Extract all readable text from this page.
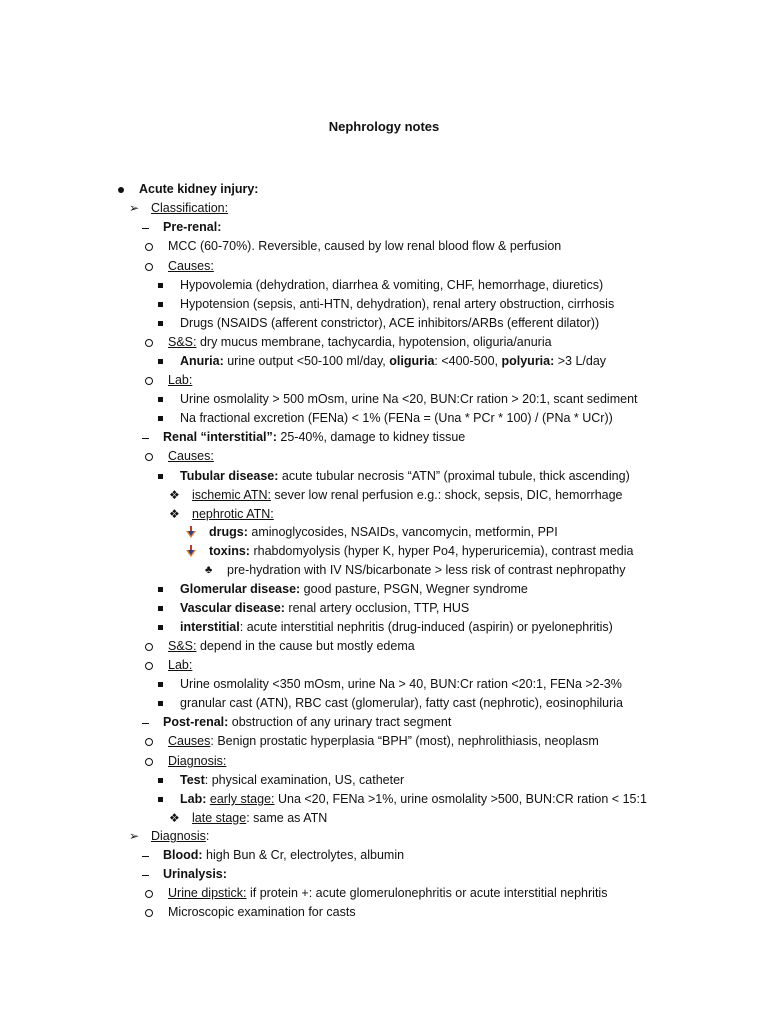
Nephrology notes
Acute kidney injury:
➢ Classification:
Pre-renal:
MCC (60-70%). Reversible, caused by low renal blood flow & perfusion
Causes:
Hypovolemia (dehydration, diarrhea & vomiting, CHF, hemorrhage, diuretics)
Hypotension (sepsis, anti-HTN, dehydration), renal artery obstruction, cirrhosis
Drugs (NSAIDS (afferent constrictor), ACE inhibitors/ARBs (efferent dilator))
S&S: dry mucus membrane, tachycardia, hypotension, oliguria/anuria
Anuria: urine output <50-100 ml/day, oliguria: <400-500, polyuria: >3 L/day
Lab:
Urine osmolality > 500 mOsm, urine Na <20, BUN:Cr ration > 20:1, scant sediment
Na fractional excretion (FENa) < 1% (FENa = (Una * PCr * 100) / (PNa * UCr))
Renal “interstitial”: 25-40%, damage to kidney tissue
Causes:
Tubular disease: acute tubular necrosis “ATN” (proximal tubule, thick ascending)
❖ ischemic ATN: sever low renal perfusion e.g.: shock, sepsis, DIC, hemorrhage
❖ nephrotic ATN:
drugs: aminoglycosides, NSAIDs, vancomycin, metformin, PPI
toxins: rhabdomyolysis (hyper K, hyper Po4, hyperuricemia), contrast media
♣ pre-hydration with IV NS/bicarbonate > less risk of contrast nephropathy
Glomerular disease: good pasture, PSGN, Wegner syndrome
Vascular disease: renal artery occlusion, TTP, HUS
interstitial: acute interstitial nephritis (drug-induced (aspirin) or pyelonephritis)
S&S: depend in the cause but mostly edema
Lab:
Urine osmolality <350 mOsm, urine Na > 40, BUN:Cr ration <20:1, FENa >2-3%
granular cast (ATN), RBC cast (glomerular), fatty cast (nephrotic), eosinophiluria
Post-renal: obstruction of any urinary tract segment
Causes: Benign prostatic hyperplasia “BPH” (most), nephrolithiasis, neoplasm
Diagnosis:
Test: physical examination, US, catheter
Lab: early stage: Una <20, FENa >1%, urine osmolality >500, BUN:CR ration < 15:1
❖ late stage: same as ATN
➢ Diagnosis:
Blood: high Bun & Cr, electrolytes, albumin
Urinalysis:
Urine dipstick: if protein +: acute glomerulonephritis or acute interstitial nephritis
Microscopic examination for casts
